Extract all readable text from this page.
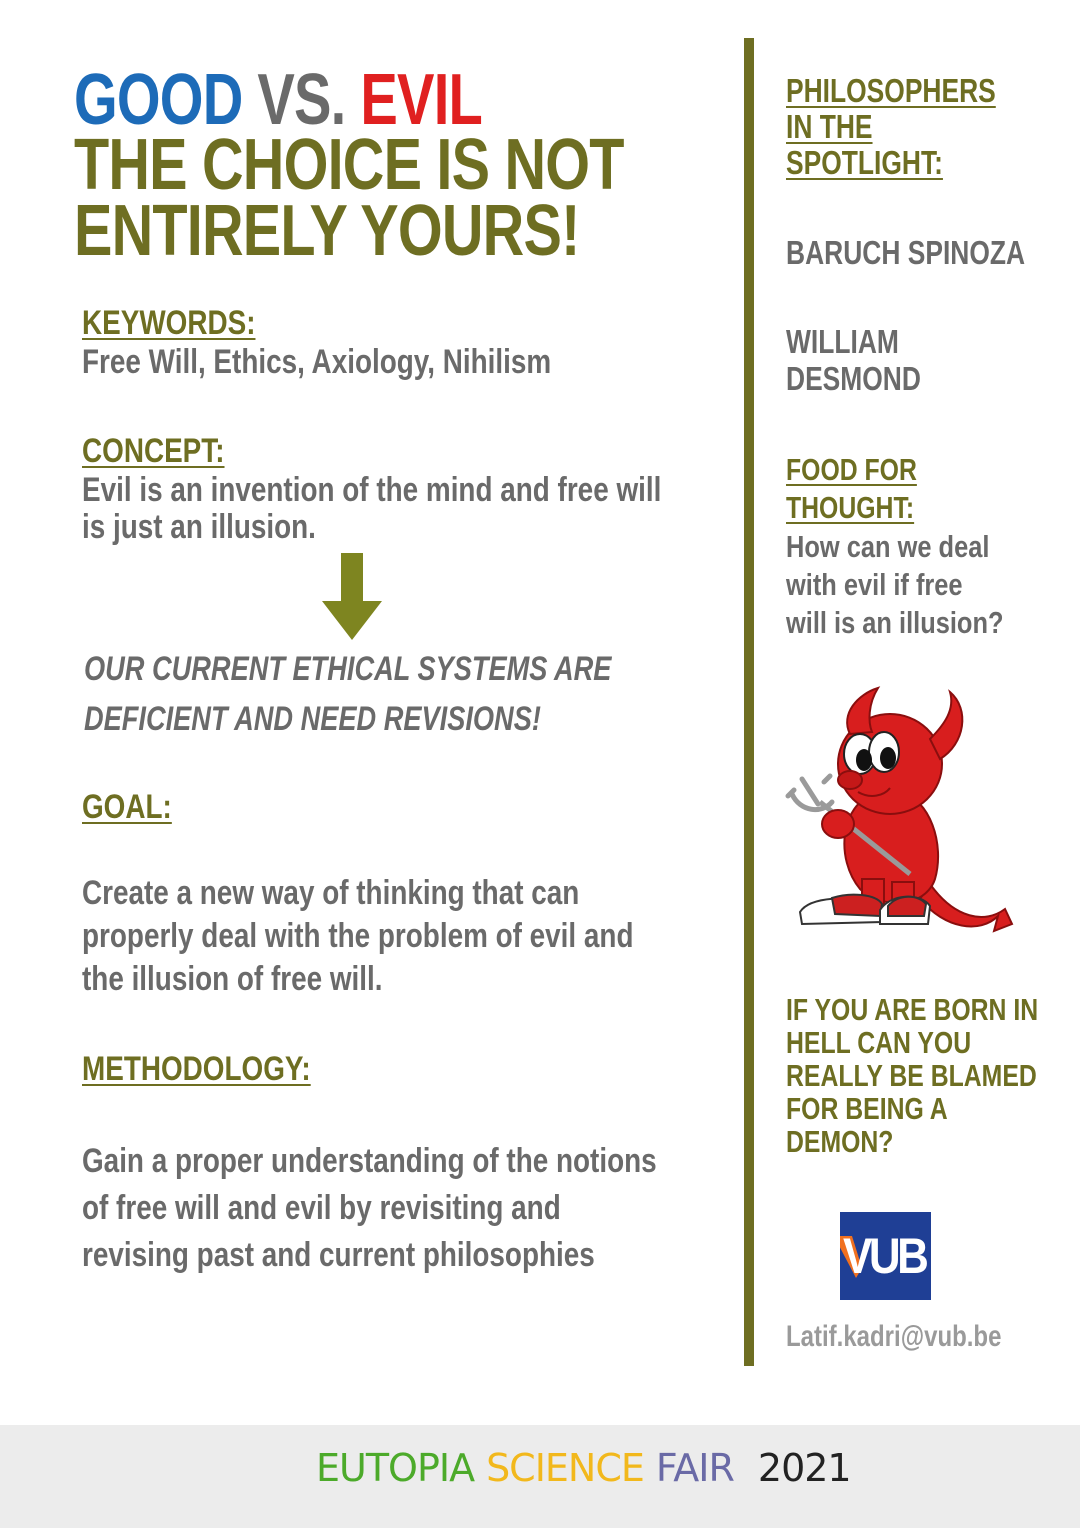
GOOD VS. EVIL
THE CHOICE IS NOT
ENTIRELY YOURS!
KEYWORDS:
Free Will, Ethics, Axiology, Nihilism
CONCEPT:
Evil is an invention of the mind and free will
is just an illusion.
OUR CURRENT ETHICAL SYSTEMS ARE
DEFICIENT AND NEED REVISIONS!
GOAL:
Create a new way of thinking that can
properly deal with the problem of evil and
the illusion of free will.
METHODOLOGY:
Gain a proper understanding of the notions
of free will and evil by revisiting and
revising past and current philosophies
PHILOSOPHERS
IN THE
SPOTLIGHT:
BARUCH SPINOZA
WILLIAM
DESMOND
FOOD FOR
THOUGHT:
How can we deal
with evil if free
will is an illusion?
IF YOU ARE BORN IN
HELL CAN YOU
REALLY BE BLAMED
FOR BEING A
DEMON?
VUB
Latif.kadri@vub.be
EUTOPIA SCIENCE FAIR 2021
